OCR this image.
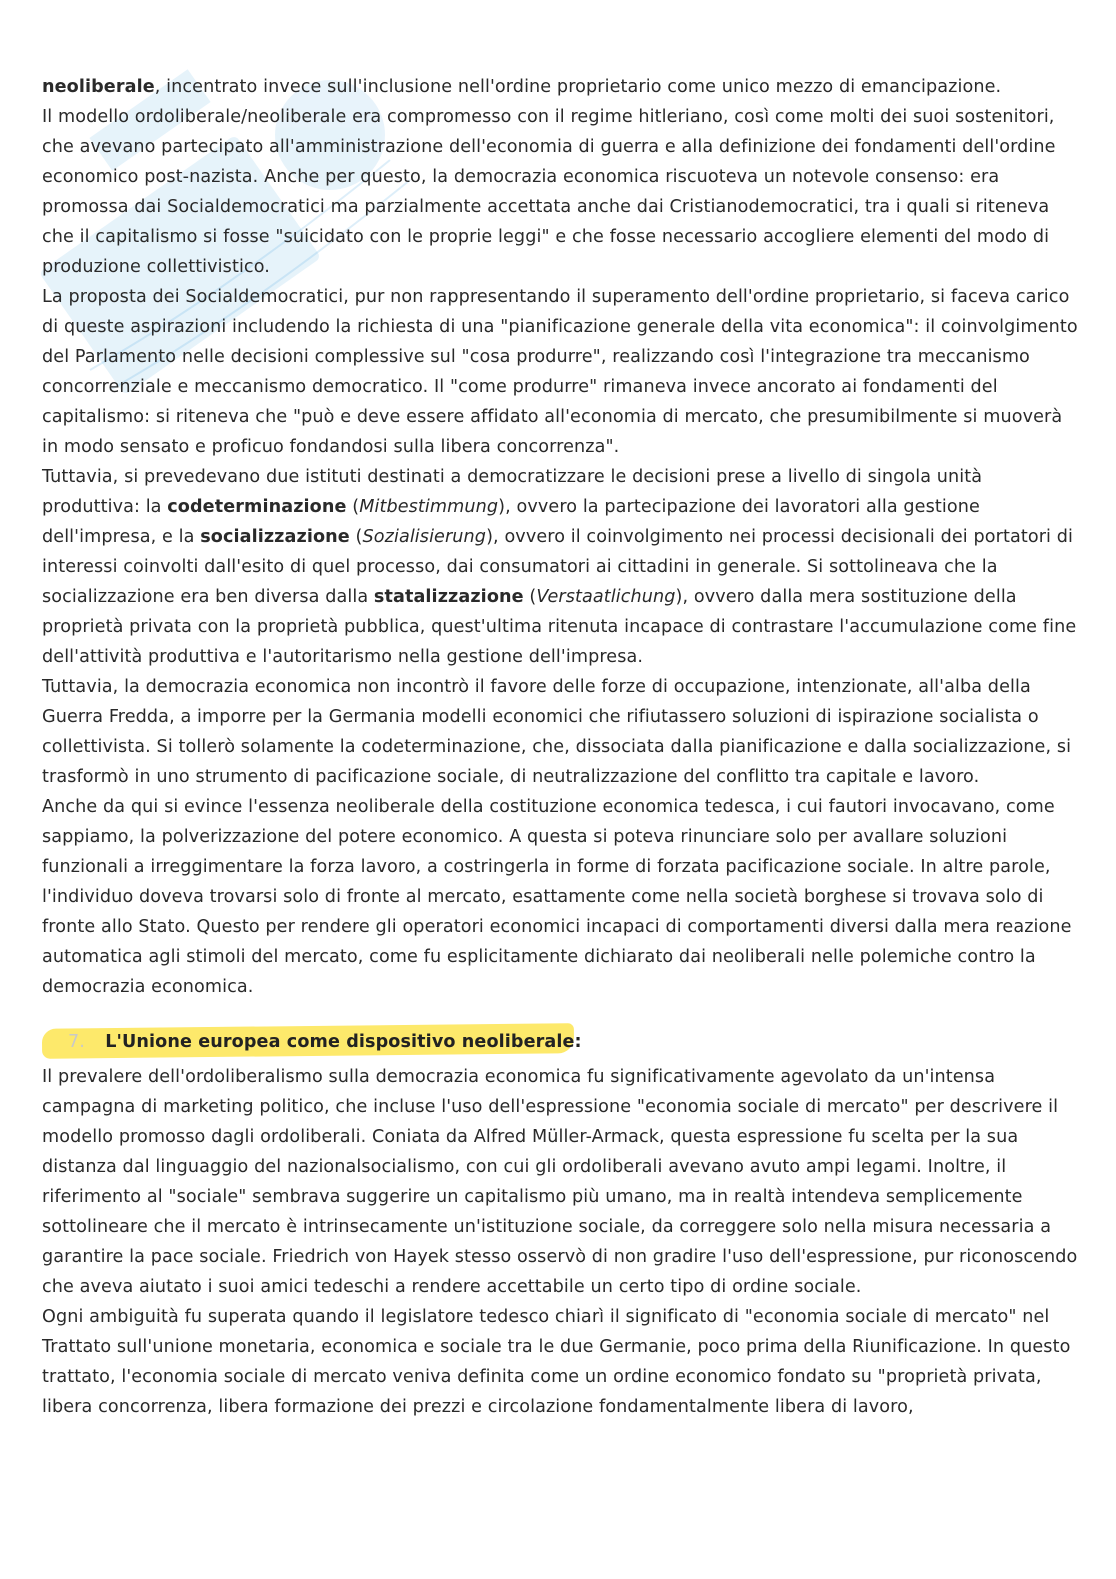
neoliberale, incentrato invece sull'inclusione nell'ordine proprietario come unico mezzo di emancipazione.

Il modello ordoliberale/neoliberale era compromesso con il regime hitleriano, così come molti dei suoi sostenitori, che avevano partecipato all'amministrazione dell'economia di guerra e alla definizione dei fondamenti dell'ordine economico post-nazista. Anche per questo, la democrazia economica riscuoteva un notevole consenso: era promossa dai Socialdemocratici ma parzialmente accettata anche dai Cristianodemocratici, tra i quali si riteneva che il capitalismo si fosse "suicidato con le proprie leggi" e che fosse necessario accogliere elementi del modo di produzione collettivistico.

La proposta dei Socialdemocratici, pur non rappresentando il superamento dell'ordine proprietario, si faceva carico di queste aspirazioni includendo la richiesta di una "pianificazione generale della vita economica": il coinvolgimento del Parlamento nelle decisioni complessive sul "cosa produrre", realizzando così l'integrazione tra meccanismo concorrenziale e meccanismo democratico. Il "come produrre" rimaneva invece ancorato ai fondamenti del capitalismo: si riteneva che "può e deve essere affidato all'economia di mercato, che presumibilmente si muoverà in modo sensato e proficuo fondandosi sulla libera concorrenza".

Tuttavia, si prevedevano due istituti destinati a democratizzare le decisioni prese a livello di singola unità produttiva: la codeterminazione (Mitbestimmung), ovvero la partecipazione dei lavoratori alla gestione dell'impresa, e la socializzazione (Sozialisierung), ovvero il coinvolgimento nei processi decisionali dei portatori di interessi coinvolti dall'esito di quel processo, dai consumatori ai cittadini in generale. Si sottolineava che la socializzazione era ben diversa dalla statalizzazione (Verstaatlichung), ovvero dalla mera sostituzione della proprietà privata con la proprietà pubblica, quest'ultima ritenuta incapace di contrastare l'accumulazione come fine dell'attività produttiva e l'autoritarismo nella gestione dell'impresa.

Tuttavia, la democrazia economica non incontrò il favore delle forze di occupazione, intenzionate, all'alba della Guerra Fredda, a imporre per la Germania modelli economici che rifiutassero soluzioni di ispirazione socialista o collettivista. Si tollerò solamente la codeterminazione, che, dissociata dalla pianificazione e dalla socializzazione, si trasformò in uno strumento di pacificazione sociale, di neutralizzazione del conflitto tra capitale e lavoro.

Anche da qui si evince l'essenza neoliberale della costituzione economica tedesca, i cui fautori invocavano, come sappiamo, la polverizzazione del potere economico. A questa si poteva rinunciare solo per avallare soluzioni funzionali a irreggimentare la forza lavoro, a costringerla in forme di forzata pacificazione sociale. In altre parole, l'individuo doveva trovarsi solo di fronte al mercato, esattamente come nella società borghese si trovava solo di fronte allo Stato. Questo per rendere gli operatori economici incapaci di comportamenti diversi dalla mera reazione automatica agli stimoli del mercato, come fu esplicitamente dichiarato dai neoliberali nelle polemiche contro la democrazia economica.

7. L'Unione europea come dispositivo neoliberale:

Il prevalere dell'ordoliberalismo sulla democrazia economica fu significativamente agevolato da un'intensa campagna di marketing politico, che incluse l'uso dell'espressione "economia sociale di mercato" per descrivere il modello promosso dagli ordoliberali. Coniata da Alfred Müller-Armack, questa espressione fu scelta per la sua distanza dal linguaggio del nazionalsocialismo, con cui gli ordoliberali avevano avuto ampi legami. Inoltre, il riferimento al "sociale" sembrava suggerire un capitalismo più umano, ma in realtà intendeva semplicemente sottolineare che il mercato è intrinsecamente un'istituzione sociale, da correggere solo nella misura necessaria a garantire la pace sociale. Friedrich von Hayek stesso osservò di non gradire l'uso dell'espressione, pur riconoscendo che aveva aiutato i suoi amici tedeschi a rendere accettabile un certo tipo di ordine sociale.

Ogni ambiguità fu superata quando il legislatore tedesco chiarì il significato di "economia sociale di mercato" nel Trattato sull'unione monetaria, economica e sociale tra le due Germanie, poco prima della Riunificazione. In questo trattato, l'economia sociale di mercato veniva definita come un ordine economico fondato su "proprietà privata, libera concorrenza, libera formazione dei prezzi e circolazione fondamentalmente libera di lavoro,
